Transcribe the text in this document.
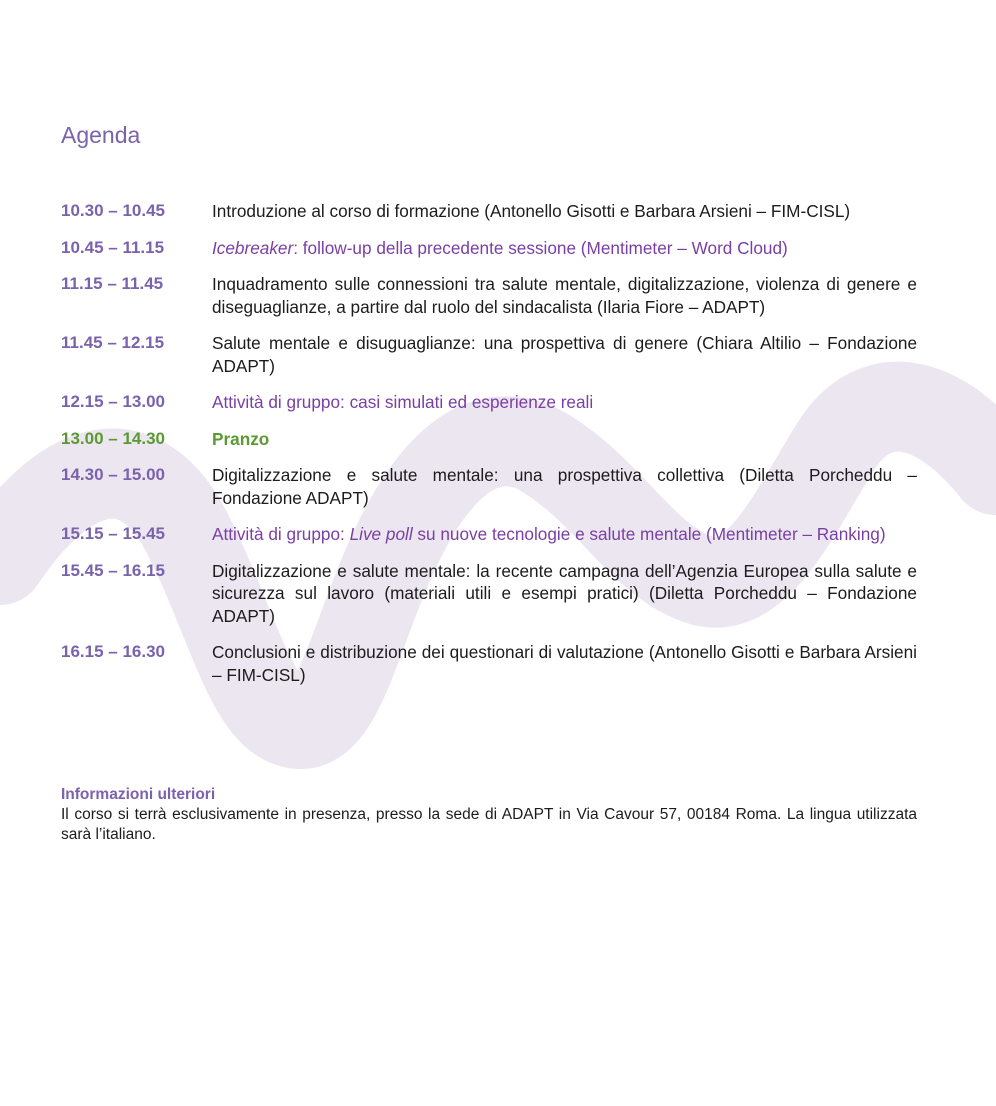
Agenda
10.30 – 10.45	Introduzione al corso di formazione (Antonello Gisotti e Barbara Arsieni – FIM-CISL)
10.45 – 11.15	Icebreaker: follow-up della precedente sessione (Mentimeter – Word Cloud)
11.15 – 11.45	Inquadramento sulle connessioni tra salute mentale, digitalizzazione, violenza di genere e diseguaglianze, a partire dal ruolo del sindacalista (Ilaria Fiore – ADAPT)
11.45 – 12.15	Salute mentale e disuguaglianze: una prospettiva di genere (Chiara Altilio – Fondazione ADAPT)
12.15 – 13.00	Attività di gruppo: casi simulati ed esperienze reali
13.00 – 14.30	Pranzo
14.30 – 15.00	Digitalizzazione e salute mentale: una prospettiva collettiva (Diletta Porcheddu – Fondazione ADAPT)
15.15 – 15.45	Attività di gruppo: Live poll su nuove tecnologie e salute mentale (Mentimeter – Ranking)
15.45 – 16.15	Digitalizzazione e salute mentale: la recente campagna dell’Agenzia Europea sulla salute e sicurezza sul lavoro (materiali utili e esempi pratici) (Diletta Porcheddu – Fondazione ADAPT)
16.15 – 16.30	Conclusioni e distribuzione dei questionari di valutazione (Antonello Gisotti e Barbara Arsieni – FIM-CISL)
Informazioni ulteriori
Il corso si terrà esclusivamente in presenza, presso la sede di ADAPT in Via Cavour 57, 00184 Roma. La lingua utilizzata sarà l’italiano.
